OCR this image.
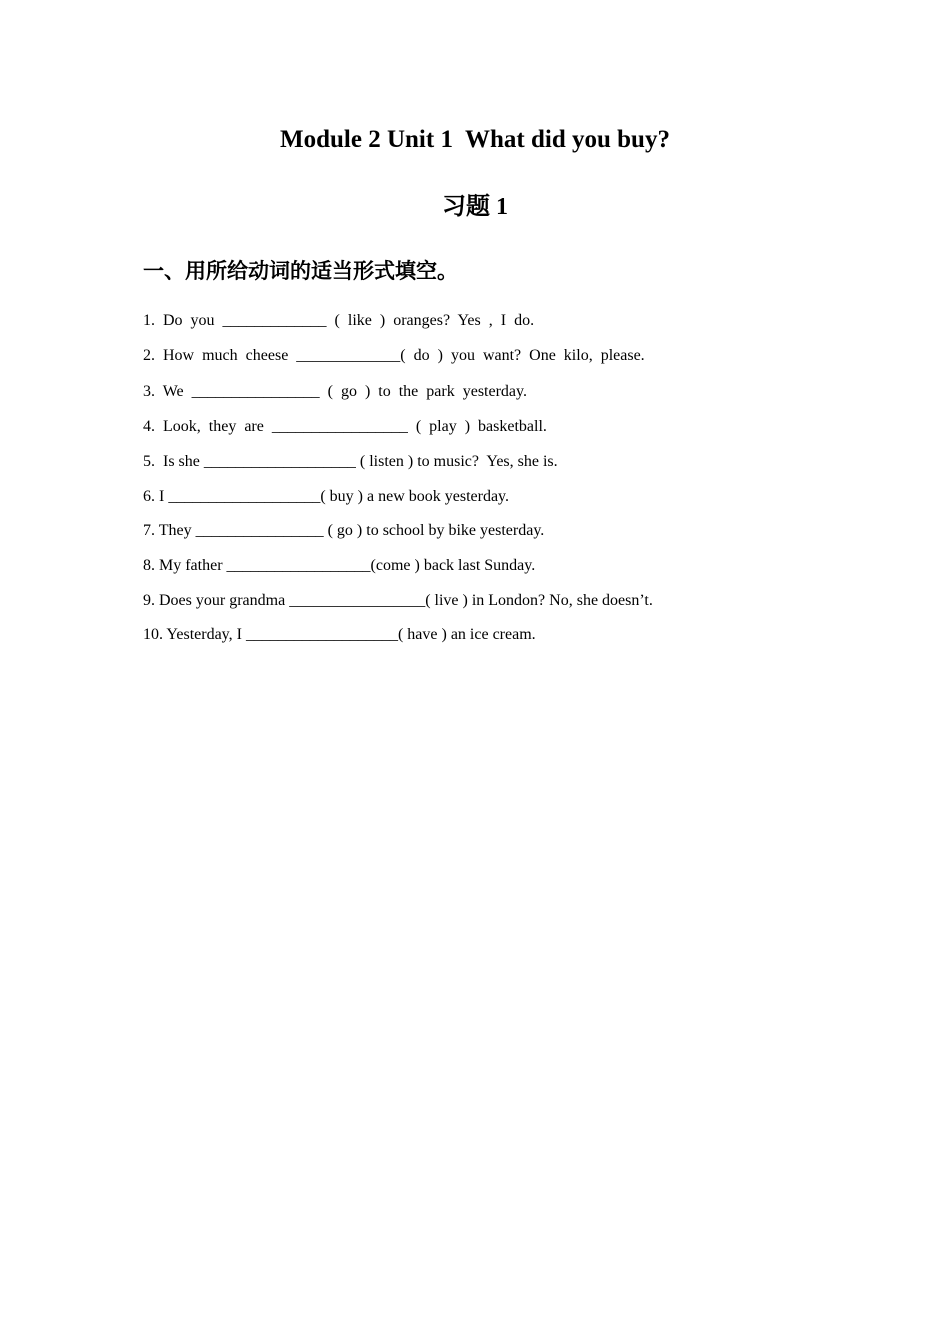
Module 2 Unit 1  What did you buy?
习题 1
一、用所给动词的适当形式填空。
1.  Do  you  _____________  (  like  )  oranges?  Yes  ,  I  do.
2.  How  much  cheese  _____________(  do  )  you  want?  One  kilo,  please.
3.  We  ________________  (  go  )  to  the  park  yesterday.
4.  Look,  they  are  _________________  (  play  )  basketball.
5.  Is she ___________________ ( listen ) to music?  Yes, she is.
6. I ___________________( buy ) a new book yesterday.
7. They ________________ ( go ) to school by bike yesterday.
8. My father __________________(come ) back last Sunday.
9. Does your grandma _________________( live ) in London? No, she doesn’t.
10. Yesterday, I ___________________( have ) an ice cream.
